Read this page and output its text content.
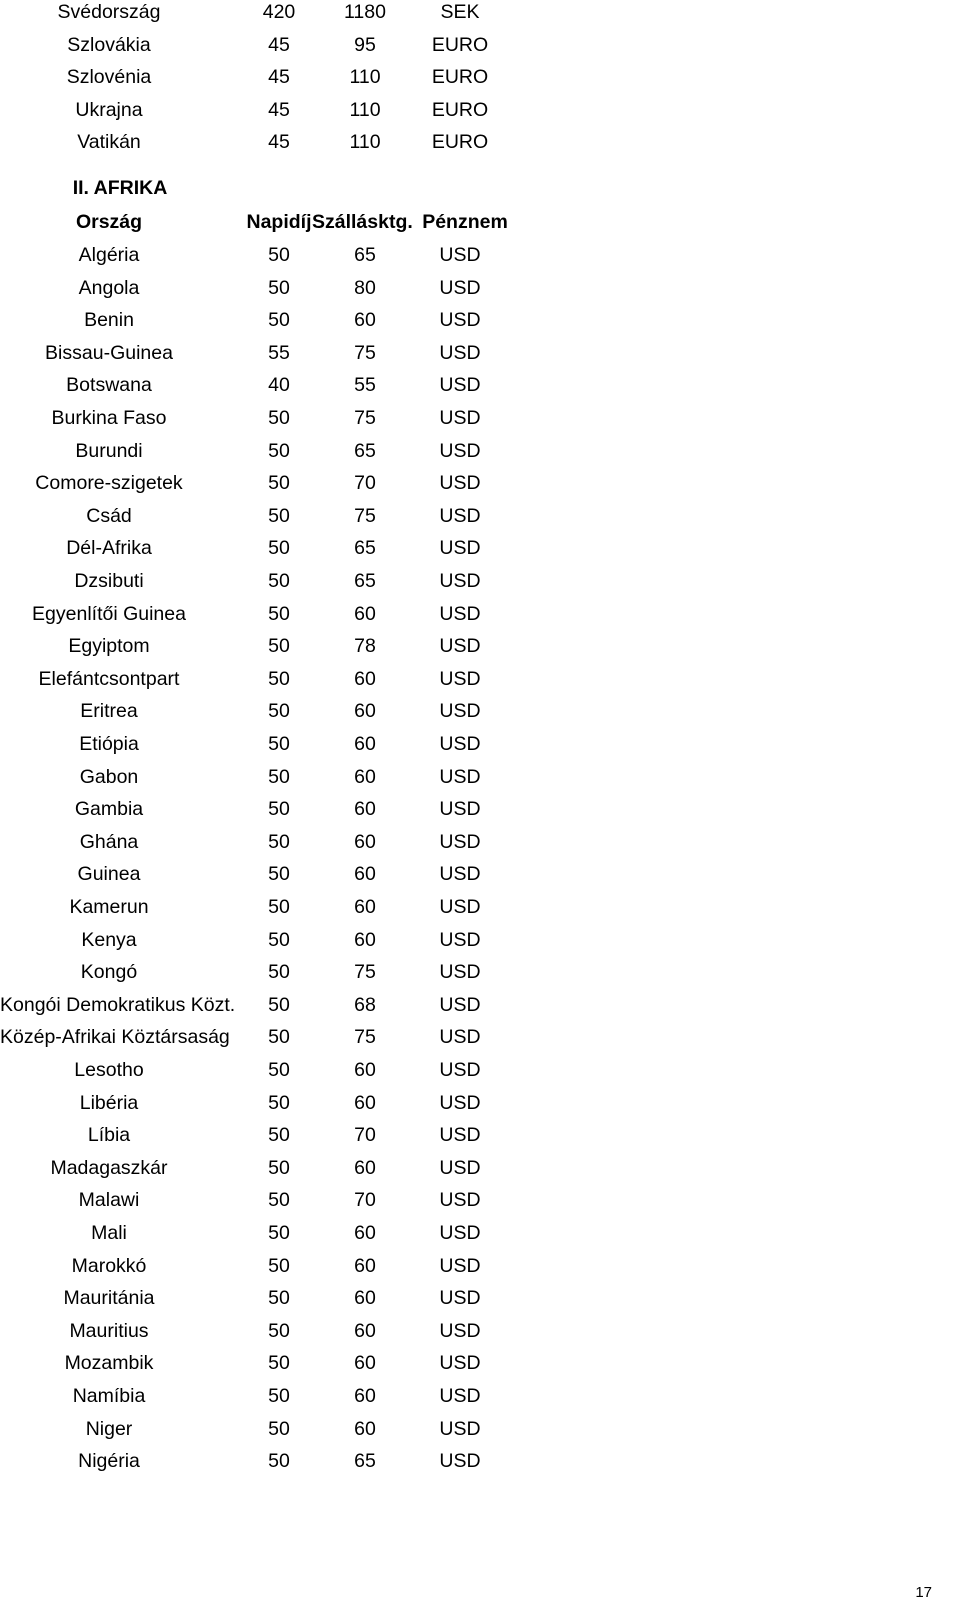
Svédország	420	1180	SEK
Szlovákia	45	95	EURO
Szlovénia	45	110	EURO
Ukrajna	45	110	EURO
Vatikán	45	110	EURO
II. AFRIKA
Ország	Napidíj Szállásktg. Pénznem
Algéria	50	65	USD
Angola	50	80	USD
Benin	50	60	USD
Bissau-Guinea	55	75	USD
Botswana	40	55	USD
Burkina Faso	50	75	USD
Burundi	50	65	USD
Comore-szigetek	50	70	USD
Csád	50	75	USD
Dél-Afrika	50	65	USD
Dzsibuti	50	65	USD
Egyenlítői Guinea	50	60	USD
Egyiptom	50	78	USD
Elefántcsontpart	50	60	USD
Eritrea	50	60	USD
Etiópia	50	60	USD
Gabon	50	60	USD
Gambia	50	60	USD
Ghána	50	60	USD
Guinea	50	60	USD
Kamerun	50	60	USD
Kenya	50	60	USD
Kongó	50	75	USD
Kongói Demokratikus Közt.	50	68	USD
Közép-Afrikai Köztársaság	50	75	USD
Lesotho	50	60	USD
Libéria	50	60	USD
Líbia	50	70	USD
Madagaszkár	50	60	USD
Malawi	50	70	USD
Mali	50	60	USD
Marokkó	50	60	USD
Mauritánia	50	60	USD
Mauritius	50	60	USD
Mozambik	50	60	USD
Namíbia	50	60	USD
Niger	50	60	USD
Nigéria	50	65	USD
17
